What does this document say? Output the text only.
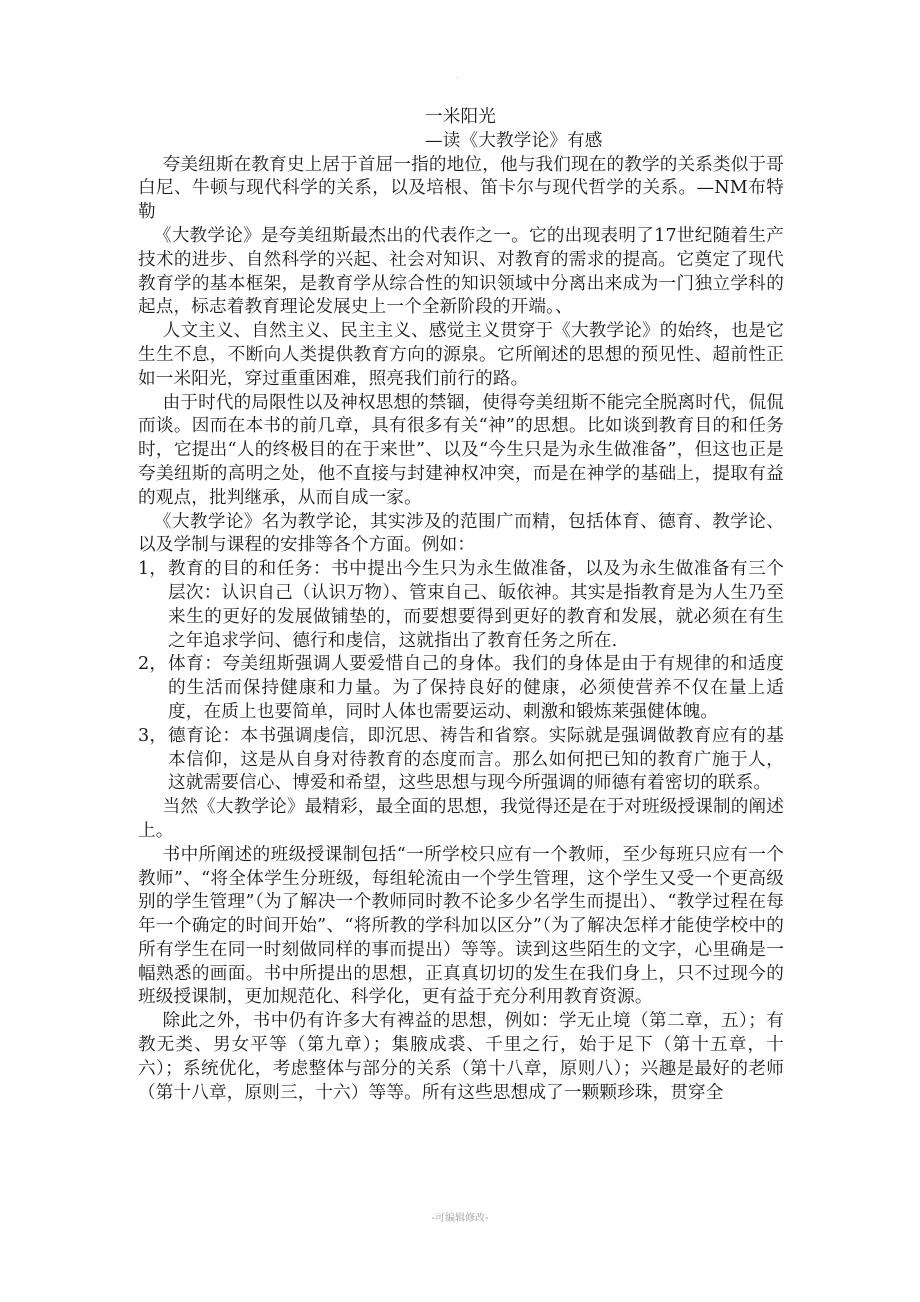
.
一米阳光
—读《大教学论》有感

夸美纽斯在教育史上居于首屈一指的地位，他与我们现在的教学的关系类似于哥白尼、牛顿与现代科学的关系，以及培根、笛卡尔与现代哲学的关系。—NM布特勒

《大教学论》是夸美纽斯最杰出的代表作之一。它的出现表明了17世纪随着生产技术的进步、自然科学的兴起、社会对知识、对教育的需求的提高。它奠定了现代教育学的基本框架，是教育学从综合性的知识领域中分离出来成为一门独立学科的起点，标志着教育理论发展史上一个全新阶段的开端。、

人文主义、自然主义、民主主义、感觉主义贯穿于《大教学论》的始终，也是它生生不息，不断向人类提供教育方向的源泉。它所阐述的思想的预见性、超前性正如一米阳光，穿过重重困难，照亮我们前行的路。

由于时代的局限性以及神权思想的禁锢，使得夸美纽斯不能完全脱离时代，侃侃而谈。因而在本书的前几章，具有很多有关“神”的思想。比如谈到教育目的和任务时，它提出“人的终极目的在于来世”、以及“今生只是为永生做准备”，但这也正是夸美纽斯的高明之处，他不直接与封建神权冲突，而是在神学的基础上，提取有益的观点，批判继承，从而自成一家。

《大教学论》名为教学论，其实涉及的范围广而精，包括体育、德育、教学论、以及学制与课程的安排等各个方面。例如：

1， 教育的目的和任务：书中提出今生只为永生做准备，以及为永生做准备有三个层次：认识自己（认识万物）、管束自己、皈依神。其实是指教育是为人生乃至来生的更好的发展做铺垫的，而要想要得到更好的教育和发展，就必须在有生之年追求学问、德行和虔信，这就指出了教育任务之所在.
2， 体育：夸美纽斯强调人要爱惜自己的身体。我们的身体是由于有规律的和适度的生活而保持健康和力量。为了保持良好的健康，必须使营养不仅在量上适度，在质上也要简单，同时人体也需要运动、刺激和锻炼莱强健体魄。
3， 德育论：本书强调虔信，即沉思、祷告和省察。实际就是强调做教育应有的基本信仰，这是从自身对待教育的态度而言。那么如何把已知的教育广施于人，这就需要信心、博爱和希望，这些思想与现今所强调的师德有着密切的联系。

当然《大教学论》最精彩，最全面的思想，我觉得还是在于对班级授课制的阐述上。

书中所阐述的班级授课制包括“一所学校只应有一个教师，至少每班只应有一个教师”、“将全体学生分班级，每组轮流由一个学生管理，这个学生又受一个更高级别的学生管理”（为了解决一个教师同时教不论多少名学生而提出）、“教学过程在每年一个确定的时间开始”、“将所教的学科加以区分”（为了解决怎样才能使学校中的所有学生在同一时刻做同样的事而提出）等等。读到这些陌生的文字，心里确是一幅熟悉的画面。书中所提出的思想，正真真切切的发生在我们身上，只不过现今的班级授课制，更加规范化、科学化，更有益于充分利用教育资源。

除此之外，书中仍有许多大有裨益的思想，例如：学无止境（第二章，五）；有教无类、男女平等（第九章）；集腋成裘、千里之行，始于足下（第十五章，十六）；系统优化，考虑整体与部分的关系（第十八章，原则八）；兴趣是最好的老师（第十八章，原则三，十六）等等。所有这些思想成了一颗颗珍珠，贯穿全

-可编辑修改-
